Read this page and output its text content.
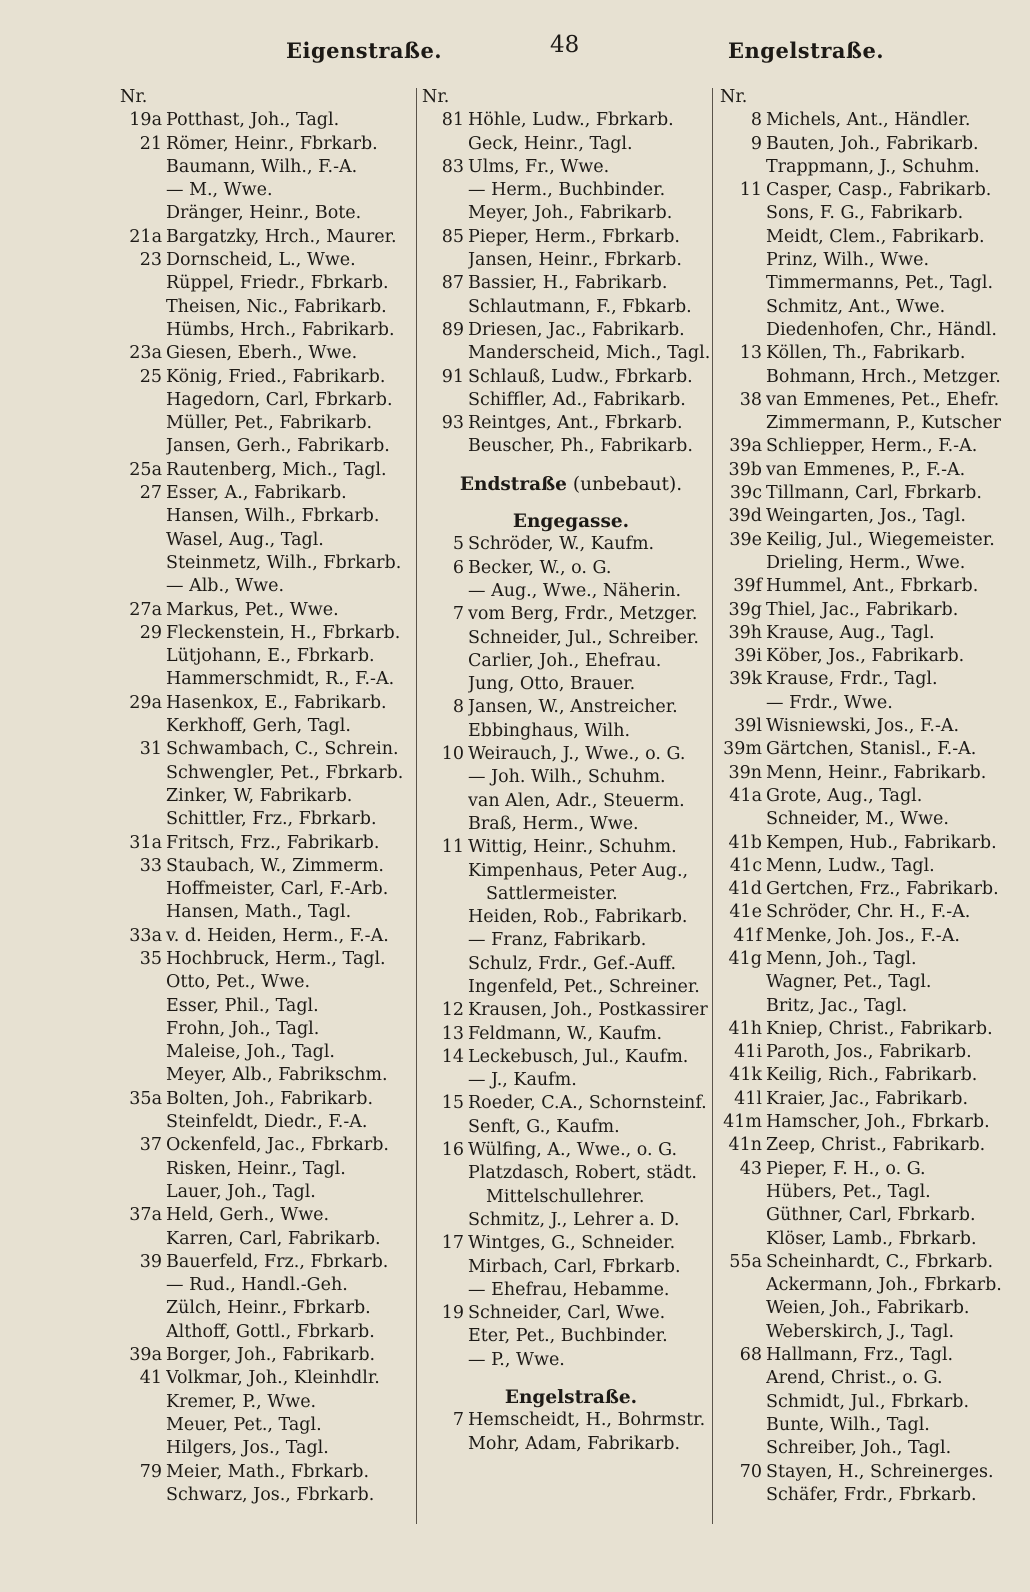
Eigenstraße.	48	Engelstraße.
Nr.
19a Potthast, Joh., Tagl.
21 Römer, Heinr., Fbrkarb.
Baumann, Wilh., F.-A.
— M., Wwe.
Dränger, Heinr., Bote.
21a Bargatzky, Hrch., Maurer.
23 Dornscheid, L., Wwe.
Rüppel, Friedr., Fbrkarb.
Theisen, Nic., Fabrikarb.
Hümbs, Hrch., Fabrikarb.
23a Giesen, Eberh., Wwe.
25 König, Fried., Fabrikarb.
Hagedorn, Carl, Fbrkarb.
Müller, Pet., Fabrikarb.
Jansen, Gerh., Fabrikarb.
25a Rautenberg, Mich., Tagl.
27 Esser, A., Fabrikarb.
Hansen, Wilh., Fbrkarb.
Wasel, Aug., Tagl.
Steinmetz, Wilh., Fbrkarb.
— Alb., Wwe.
27a Markus, Pet., Wwe.
29 Fleckenstein, H., Fbrkarb.
Lütjohann, E., Fbrkarb.
Hammerschmidt, R., F.-A.
29a Hasenkox, E., Fabrikarb.
Kerkhoff, Gerh, Tagl.
31 Schwambach, C., Schrein.
Schwengler, Pet., Fbrkarb.
Zinker, W, Fabrikarb.
Schittler, Frz., Fbrkarb.
31a Fritsch, Frz., Fabrikarb.
33 Staubach, W., Zimmerm.
Hoffmeister, Carl, F.-Arb.
Hansen, Math., Tagl.
33a v. d. Heiden, Herm., F.-A.
35 Hochbruck, Herm., Tagl.
Otto, Pet., Wwe.
Esser, Phil., Tagl.
Frohn, Joh., Tagl.
Maleise, Joh., Tagl.
Meyer, Alb., Fabrikschm.
35a Bolten, Joh., Fabrikarb.
Steinfeldt, Diedr., F.-A.
37 Ockenfeld, Jac., Fbrkarb.
Risken, Heinr., Tagl.
Lauer, Joh., Tagl.
37a Held, Gerh., Wwe.
Karren, Carl, Fabrikarb.
39 Bauerfeld, Frz., Fbrkarb.
— Rud., Handl.-Geh.
Zülch, Heinr., Fbrkarb.
Althoff, Gottl., Fbrkarb.
39a Borger, Joh., Fabrikarb.
41 Volkmar, Joh., Kleinhdlr.
Kremer, P., Wwe.
Meuer, Pet., Tagl.
Hilgers, Jos., Tagl.
79 Meier, Math., Fbrkarb.
Schwarz, Jos., Fbrkarb.
Nr.
81 Höhle, Ludw., Fbrkarb.
Geck, Heinr., Tagl.
83 Ulms, Fr., Wwe.
— Herm., Buchbinder.
Meyer, Joh., Fabrikarb.
85 Pieper, Herm., Fbrkarb.
Jansen, Heinr., Fbrkarb.
87 Bassier, H., Fabrikarb.
Schlautmann, F., Fbkarb.
89 Driesen, Jac., Fabrikarb.
Manderscheid, Mich., Tagl.
91 Schlauß, Ludw., Fbrkarb.
Schiffler, Ad., Fabrikarb.
93 Reintges, Ant., Fbrkarb.
Beuscher, Ph., Fabrikarb.
Endstraße (unbebaut).
Engegasse.
5 Schröder, W., Kaufm.
6 Becker, W., o. G.
— Aug., Wwe., Näherin.
7 vom Berg, Frdr., Metzger.
Schneider, Jul., Schreiber.
Carlier, Joh., Ehefrau.
Jung, Otto, Brauer.
8 Jansen, W., Anstreicher.
Ebbinghaus, Wilh.
10 Weirauch, J., Wwe., o. G.
— Joh. Wilh., Schuhm.
van Alen, Adr., Steuerm.
Braß, Herm., Wwe.
11 Wittig, Heinr., Schuhm.
Kimpenhaus, Peter Aug.,
Sattlermeister.
Heiden, Rob., Fabrikarb.
— Franz, Fabrikarb.
Schulz, Frdr., Gef.-Auff.
Ingenfeld, Pet., Schreiner.
12 Krausen, Joh., Postkassirer
13 Feldmann, W., Kaufm.
14 Leckebusch, Jul., Kaufm.
— J., Kaufm.
15 Roeder, C.A., Schornsteinf.
Senft, G., Kaufm.
16 Wülfing, A., Wwe., o. G.
Platzdasch, Robert, städt.
Mittelschullehrer.
Schmitz, J., Lehrer a. D.
17 Wintges, G., Schneider.
Mirbach, Carl, Fbrkarb.
— Ehefrau, Hebamme.
19 Schneider, Carl, Wwe.
Eter, Pet., Buchbinder.
— P., Wwe.
Engelstraße.
7 Hemscheidt, H., Bohrmstr.
Mohr, Adam, Fabrikarb.
Nr.
8 Michels, Ant., Händler.
9 Bauten, Joh., Fabrikarb.
Trappmann, J., Schuhm.
11 Casper, Casp., Fabrikarb.
Sons, F. G., Fabrikarb.
Meidt, Clem., Fabrikarb.
Prinz, Wilh., Wwe.
Timmermanns, Pet., Tagl.
Schmitz, Ant., Wwe.
Diedenhofen, Chr., Händl.
13 Köllen, Th., Fabrikarb.
Bohmann, Hrch., Metzger.
38 van Emmenes, Pet., Ehefr.
Zimmermann, P., Kutscher
39a Schliepper, Herm., F.-A.
39b van Emmenes, P., F.-A.
39c Tillmann, Carl, Fbrkarb.
39d Weingarten, Jos., Tagl.
39e Keilig, Jul., Wiegemeister.
Drieling, Herm., Wwe.
39f Hummel, Ant., Fbrkarb.
39g Thiel, Jac., Fabrikarb.
39h Krause, Aug., Tagl.
39i Köber, Jos., Fabrikarb.
39k Krause, Frdr., Tagl.
— Frdr., Wwe.
39l Wisniewski, Jos., F.-A.
39m Gärtchen, Stanisl., F.-A.
39n Menn, Heinr., Fabrikarb.
41a Grote, Aug., Tagl.
Schneider, M., Wwe.
41b Kempen, Hub., Fabrikarb.
41c Menn, Ludw., Tagl.
41d Gertchen, Frz., Fabrikarb.
41e Schröder, Chr. H., F.-A.
41f Menke, Joh. Jos., F.-A.
41g Menn, Joh., Tagl.
Wagner, Pet., Tagl.
Britz, Jac., Tagl.
41h Kniep, Christ., Fabrikarb.
41i Paroth, Jos., Fabrikarb.
41k Keilig, Rich., Fabrikarb.
41l Kraier, Jac., Fabrikarb.
41m Hamscher, Joh., Fbrkarb.
41n Zeep, Christ., Fabrikarb.
43 Pieper, F. H., o. G.
Hübers, Pet., Tagl.
Güthner, Carl, Fbrkarb.
Klöser, Lamb., Fbrkarb.
55a Scheinhardt, C., Fbrkarb.
Ackermann, Joh., Fbrkarb.
Weien, Joh., Fabrikarb.
Weberskirch, J., Tagl.
68 Hallmann, Frz., Tagl.
Arend, Christ., o. G.
Schmidt, Jul., Fbrkarb.
Bunte, Wilh., Tagl.
Schreiber, Joh., Tagl.
70 Stayen, H., Schreinerges.
Schäfer, Frdr., Fbrkarb.
